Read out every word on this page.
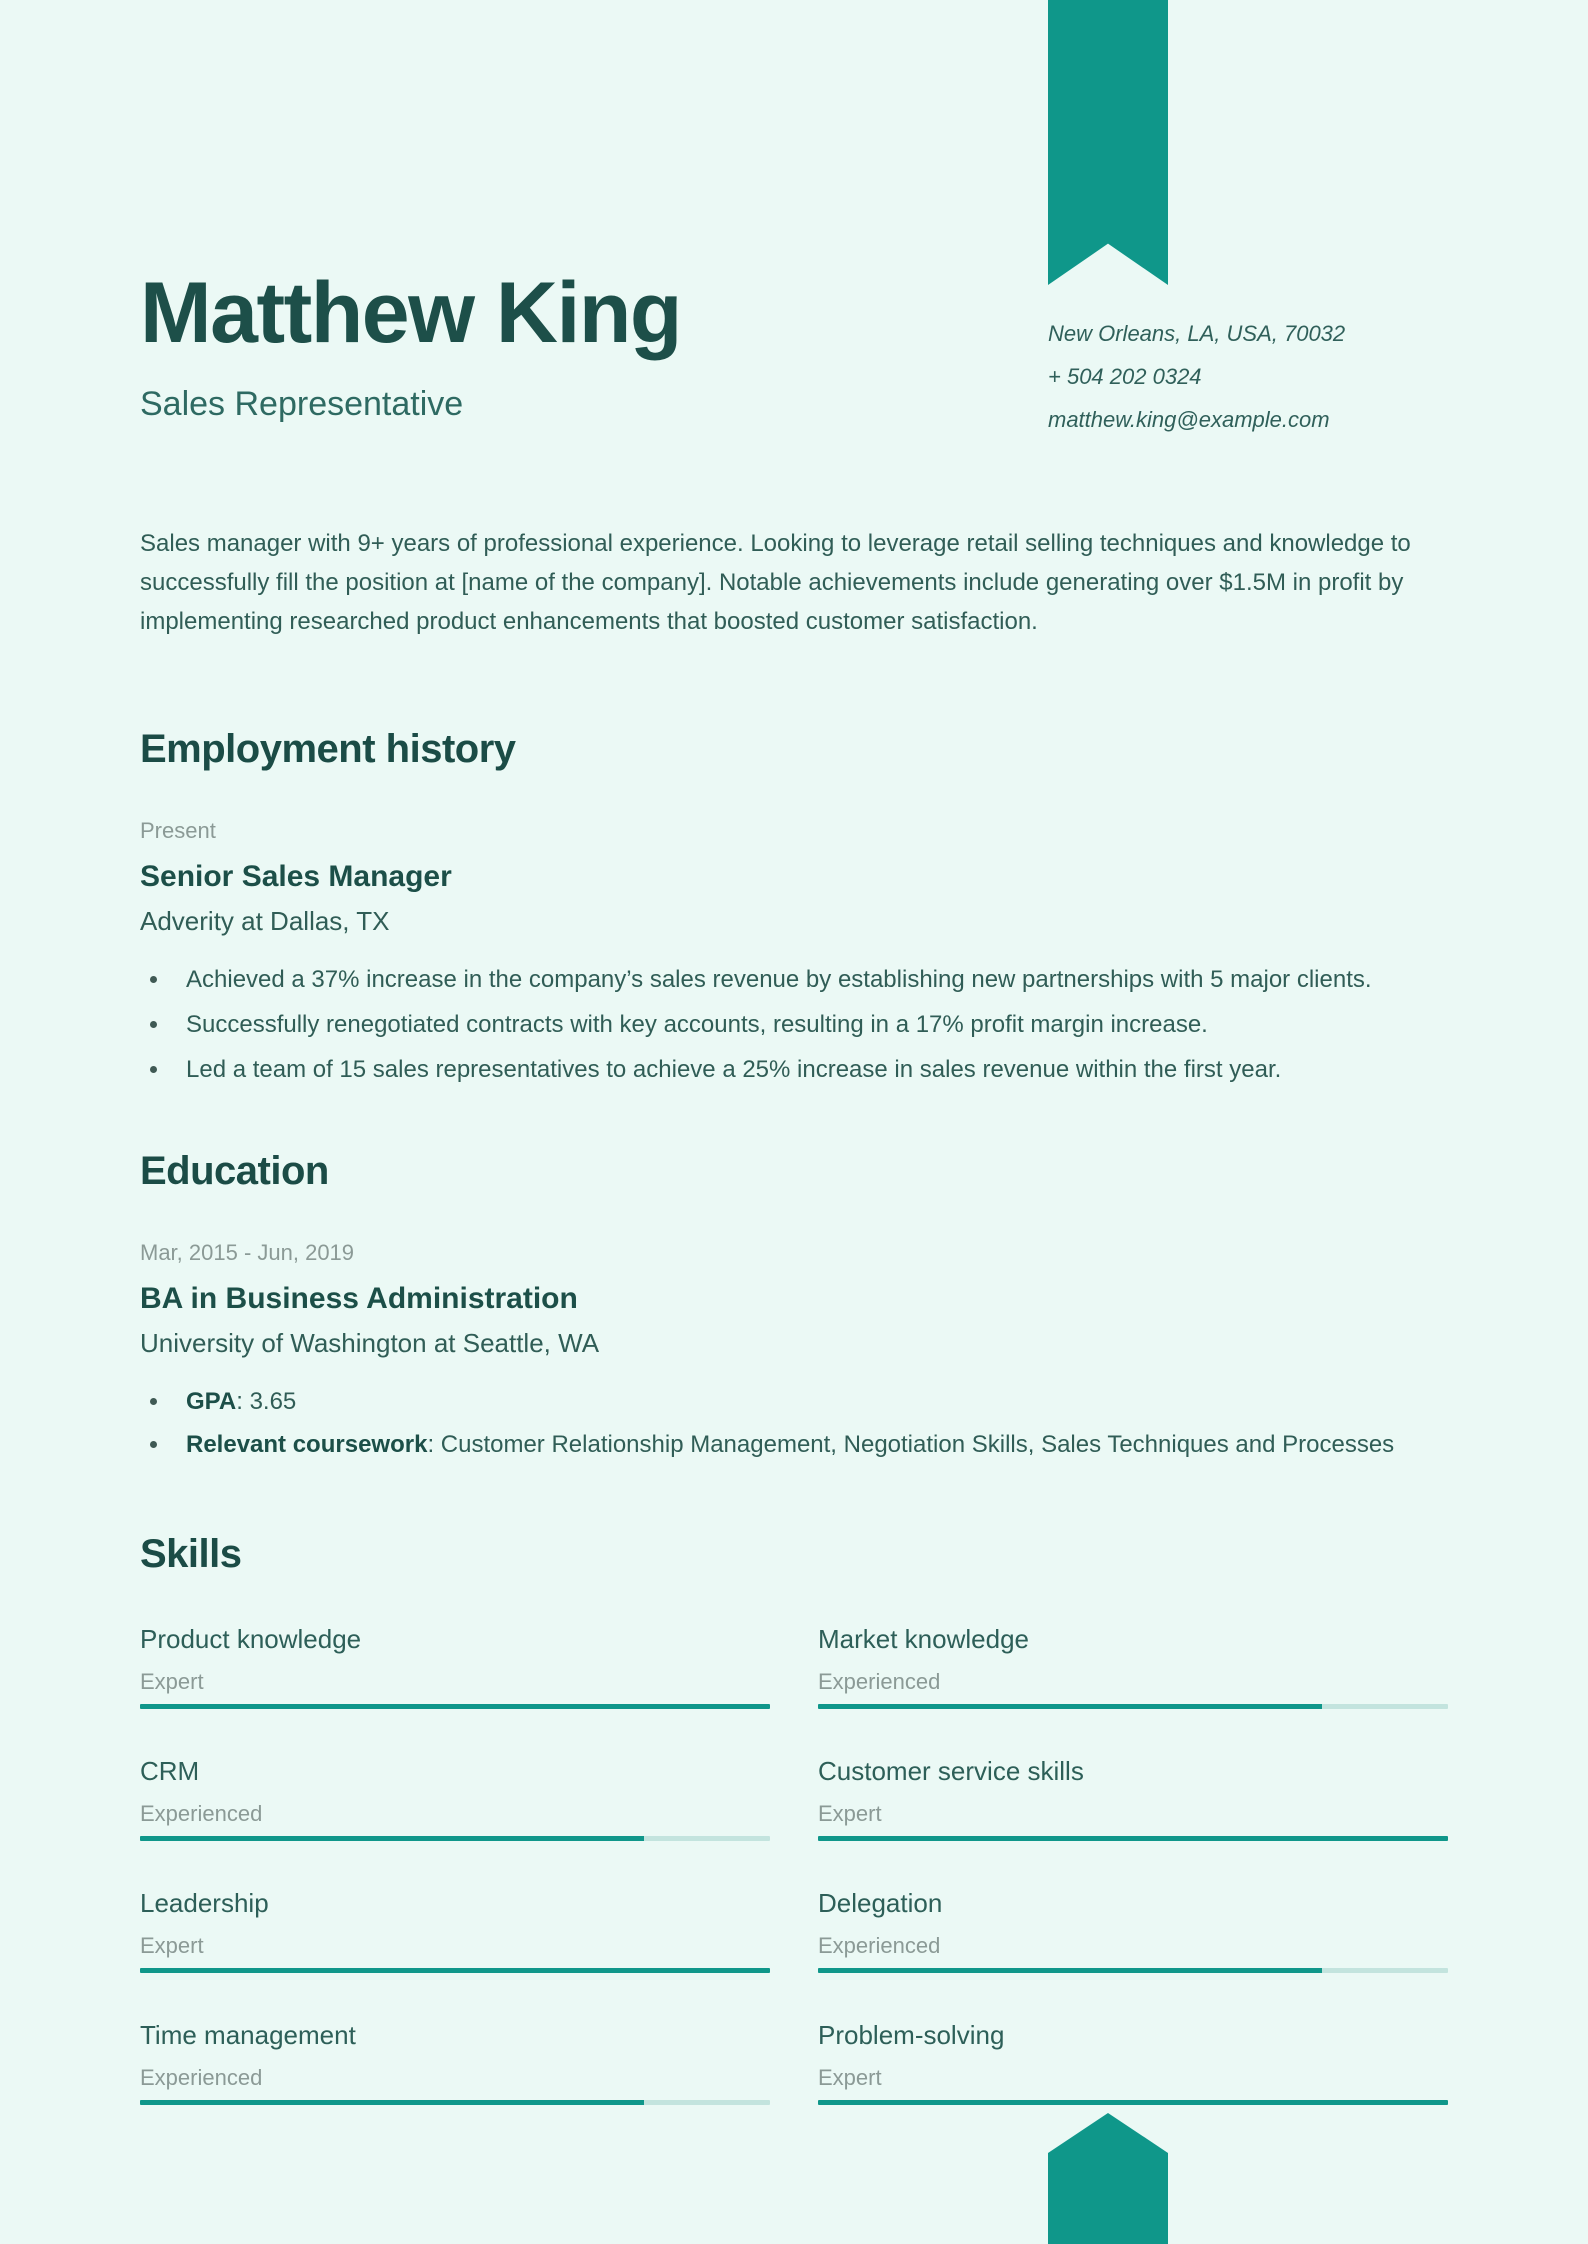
Matthew King
Sales Representative
New Orleans, LA, USA, 70032
+ 504 202 0324
matthew.king@example.com

Sales manager with 9+ years of professional experience. Looking to leverage retail selling techniques and knowledge to successfully fill the position at [name of the company]. Notable achievements include generating over $1.5M in profit by implementing researched product enhancements that boosted customer satisfaction.

Employment history
Present
Senior Sales Manager
Adverity at Dallas, TX
Achieved a 37% increase in the company’s sales revenue by establishing new partnerships with 5 major clients.
Successfully renegotiated contracts with key accounts, resulting in a 17% profit margin increase.
Led a team of 15 sales representatives to achieve a 25% increase in sales revenue within the first year.
Education
Mar, 2015 - Jun, 2019
BA in Business Administration
University of Washington at Seattle, WA
GPA: 3.65
Relevant coursework: Customer Relationship Management, Negotiation Skills, Sales Techniques and Processes
Skills
Product knowledge
Expert
Market knowledge
Experienced
CRM
Experienced
Customer service skills
Expert
Leadership
Expert
Delegation
Experienced
Time management
Experienced
Problem-solving
Expert
